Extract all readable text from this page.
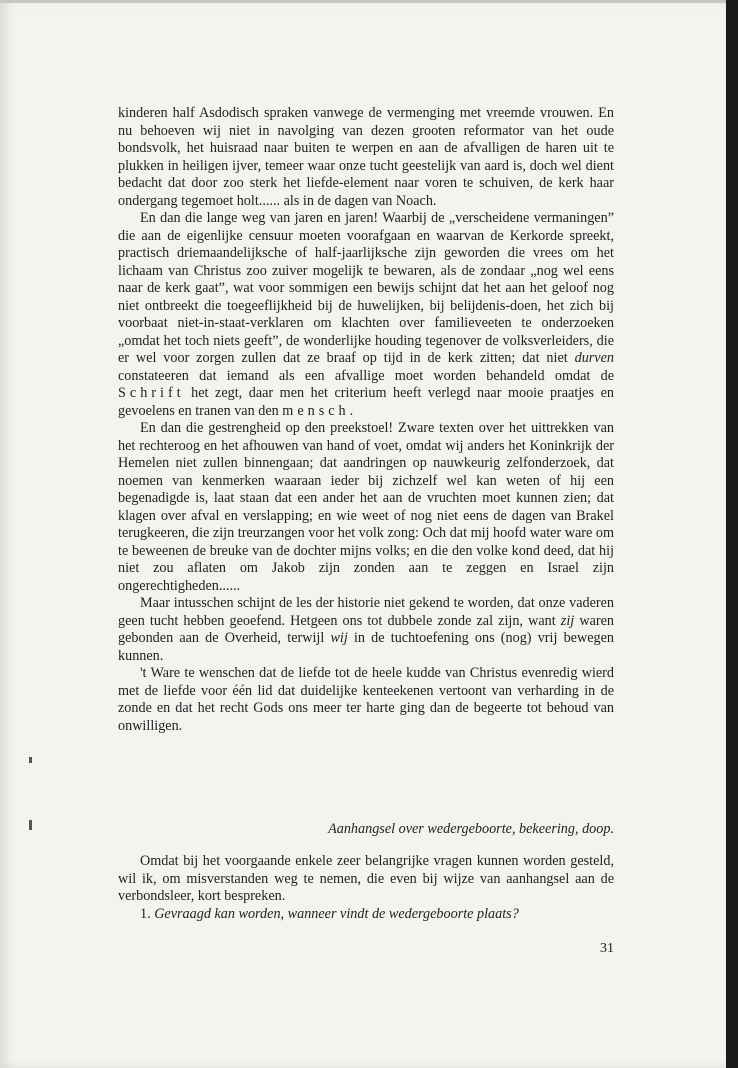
kinderen half Asdodisch spraken vanwege de vermenging met vreemde vrouwen. En nu behoeven wij niet in navolging van dezen grooten reformator van het oude bondsvolk, het huisraad naar buiten te werpen en aan de afvalligen de haren uit te plukken in heiligen ijver, temeer waar onze tucht geestelijk van aard is, doch wel dient bedacht dat door zoo sterk het liefde-element naar voren te schuiven, de kerk haar ondergang tegemoet holt...... als in de dagen van Noach.

En dan die lange weg van jaren en jaren! Waarbij de „verscheidene vermaningen” die aan de eigenlijke censuur moeten voorafgaan en waarvan de Kerkorde spreekt, practisch driemaandelijksche of half-jaarlijksche zijn geworden die vrees om het lichaam van Christus zoo zuiver mogelijk te bewaren, als de zondaar „nog wel eens naar de kerk gaat”, wat voor sommigen een bewijs schijnt dat het aan het geloof nog niet ontbreekt die toegeeflijkheid bij de huwelijken, bij belijdenis-doen, het zich bij voorbaat niet-in-staat-verklaren om klachten over familieveeten te onderzoeken „omdat het toch niets geeft”, de wonderlijke houding tegenover de volksverleiders, die er wel voor zorgen zullen dat ze braaf op tijd in de kerk zitten; dat niet durven constateeren dat iemand als een afvallige moet worden behandeld omdat de Schrift het zegt, daar men het criterium heeft verlegd naar mooie praatjes en gevoelens en tranen van den mensch.

En dan die gestrengheid op den preekstoel! Zware texten over het uittrekken van het rechteroog en het afhouwen van hand of voet, omdat wij anders het Koninkrijk der Hemelen niet zullen binnengaan; dat aandringen op nauwkeurig zelfonderzoek, dat noemen van kenmerken waaraan ieder bij zichzelf wel kan weten of hij een begenadigde is, laat staan dat een ander het aan de vruchten moet kunnen zien; dat klagen over afval en verslapping; en wie weet of nog niet eens de dagen van Brakel terugkeeren, die zijn treurzangen voor het volk zong: Och dat mij hoofd water ware om te beweenen de breuke van de dochter mijns volks; en die den volke kond deed, dat hij niet zou aflaten om Jakob zijn zonden aan te zeggen en Israel zijn ongerechtigheden......

Maar intusschen schijnt de les der historie niet gekend te worden, dat onze vaderen geen tucht hebben geoefend. Hetgeen ons tot dubbele zonde zal zijn, want zij waren gebonden aan de Overheid, terwijl wij in de tuchtoefening ons (nog) vrij bewegen kunnen.

't Ware te wenschen dat de liefde tot de heele kudde van Christus evenredig wierd met de liefde voor één lid dat duidelijke kenteekenen vertoont van verharding in de zonde en dat het recht Gods ons meer ter harte ging dan de begeerte tot behoud van onwilligen.

Aanhangsel over wedergeboorte, bekeering, doop.

Omdat bij het voorgaande enkele zeer belangrijke vragen kunnen worden gesteld, wil ik, om misverstanden weg te nemen, die even bij wijze van aanhangsel aan de verbondsleer, kort bespreken.

1. Gevraagd kan worden, wanneer vindt de wedergeboorte plaats?

31
